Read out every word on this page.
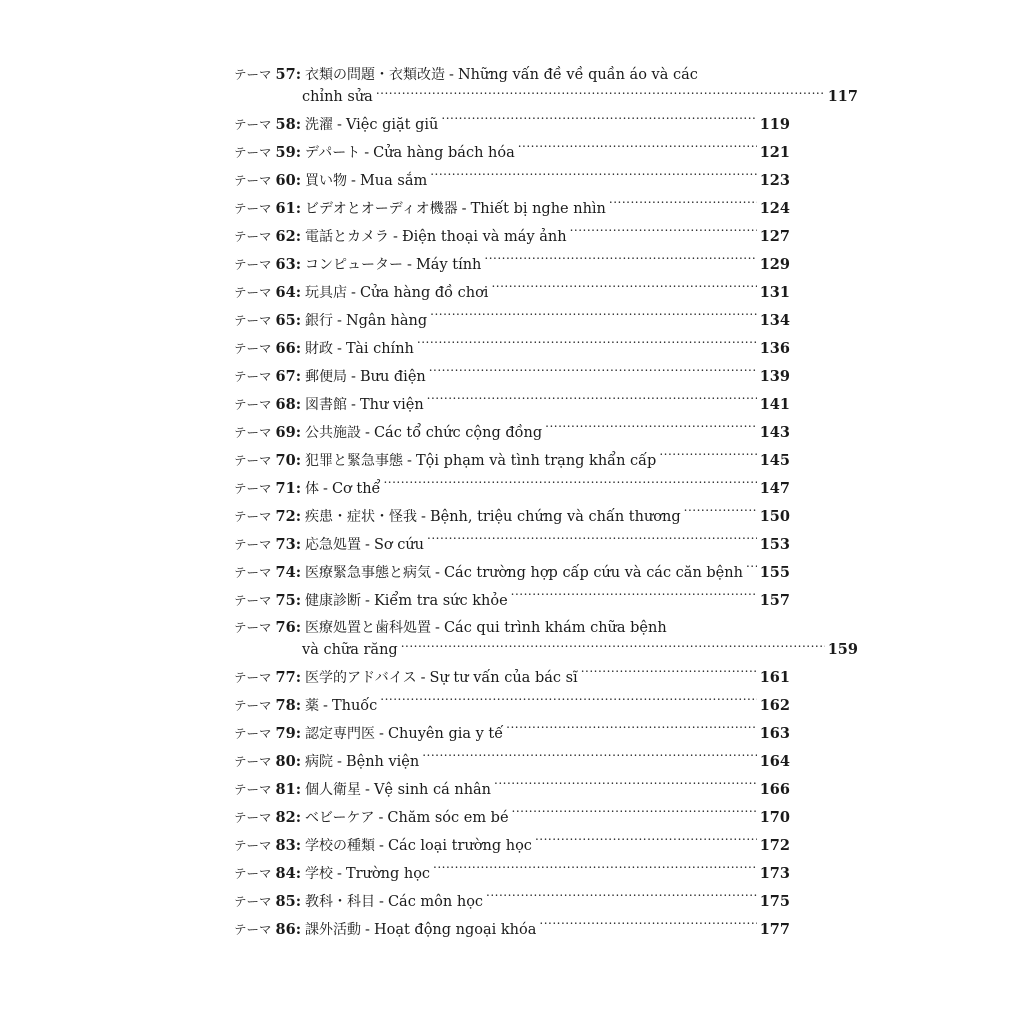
テーマ 57: 衣類の問題・衣類改造 - Những vấn đề về quần áo và các
chỉnh sửa .....	117
テーマ 58: 洗濯 - Việc giặt giũ .....	119
テーマ 59: デパート - Cửa hàng bách hóa .....	121
テーマ 60: 買い物 - Mua sắm .....	123
テーマ 61: ビデオとオーディオ機器 - Thiết bị nghe nhìn .....	124
テーマ 62: 電話とカメラ - Điện thoại và máy ảnh .....	127
テーマ 63: コンピューター - Máy tính .....	129
テーマ 64: 玩具店 - Cửa hàng đồ chơi .....	131
テーマ 65: 銀行 - Ngân hàng .....	134
テーマ 66: 財政 - Tài chính .....	136
テーマ 67: 郵便局 - Bưu điện .....	139
テーマ 68: 図書館 - Thư viện .....	141
テーマ 69: 公共施設 - Các tổ chức cộng đồng .....	143
テーマ 70: 犯罪と緊急事態 - Tội phạm và tình trạng khẩn cấp .....	145
テーマ 71: 体 - Cơ thể .....	147
テーマ 72: 疾患・症状・怪我 - Bệnh, triệu chứng và chấn thương .....	150
テーマ 73: 応急処置 - Sơ cứu .....	153
テーマ 74: 医療緊急事態と病気 - Các trường hợp cấp cứu và các căn bệnh ..... 155
テーマ 75: 健康診断 - Kiểm tra sức khỏe .....	157
テーマ 76: 医療処置と歯科処置 - Các qui trình khám chữa bệnh
và chữa răng .....	159
テーマ 77: 医学的アドバイス - Sự tư vấn của bác sĩ .....	161
テーマ 78: 薬 - Thuốc .....	162
テーマ 79: 認定専門医 - Chuyên gia y tế .....	163
テーマ 80: 病院 - Bệnh viện .....	164
テーマ 81: 個人衛星 - Vệ sinh cá nhân .....	166
テーマ 82: ベビーケア - Chăm sóc em bé .....	170
テーマ 83: 学校の種類 - Các loại trường học .....	172
テーマ 84: 学校 - Trường học .....	173
テーマ 85: 教科・科目 - Các môn học .....	175
テーマ 86: 課外活動 - Hoạt động ngoại khóa .....	177
